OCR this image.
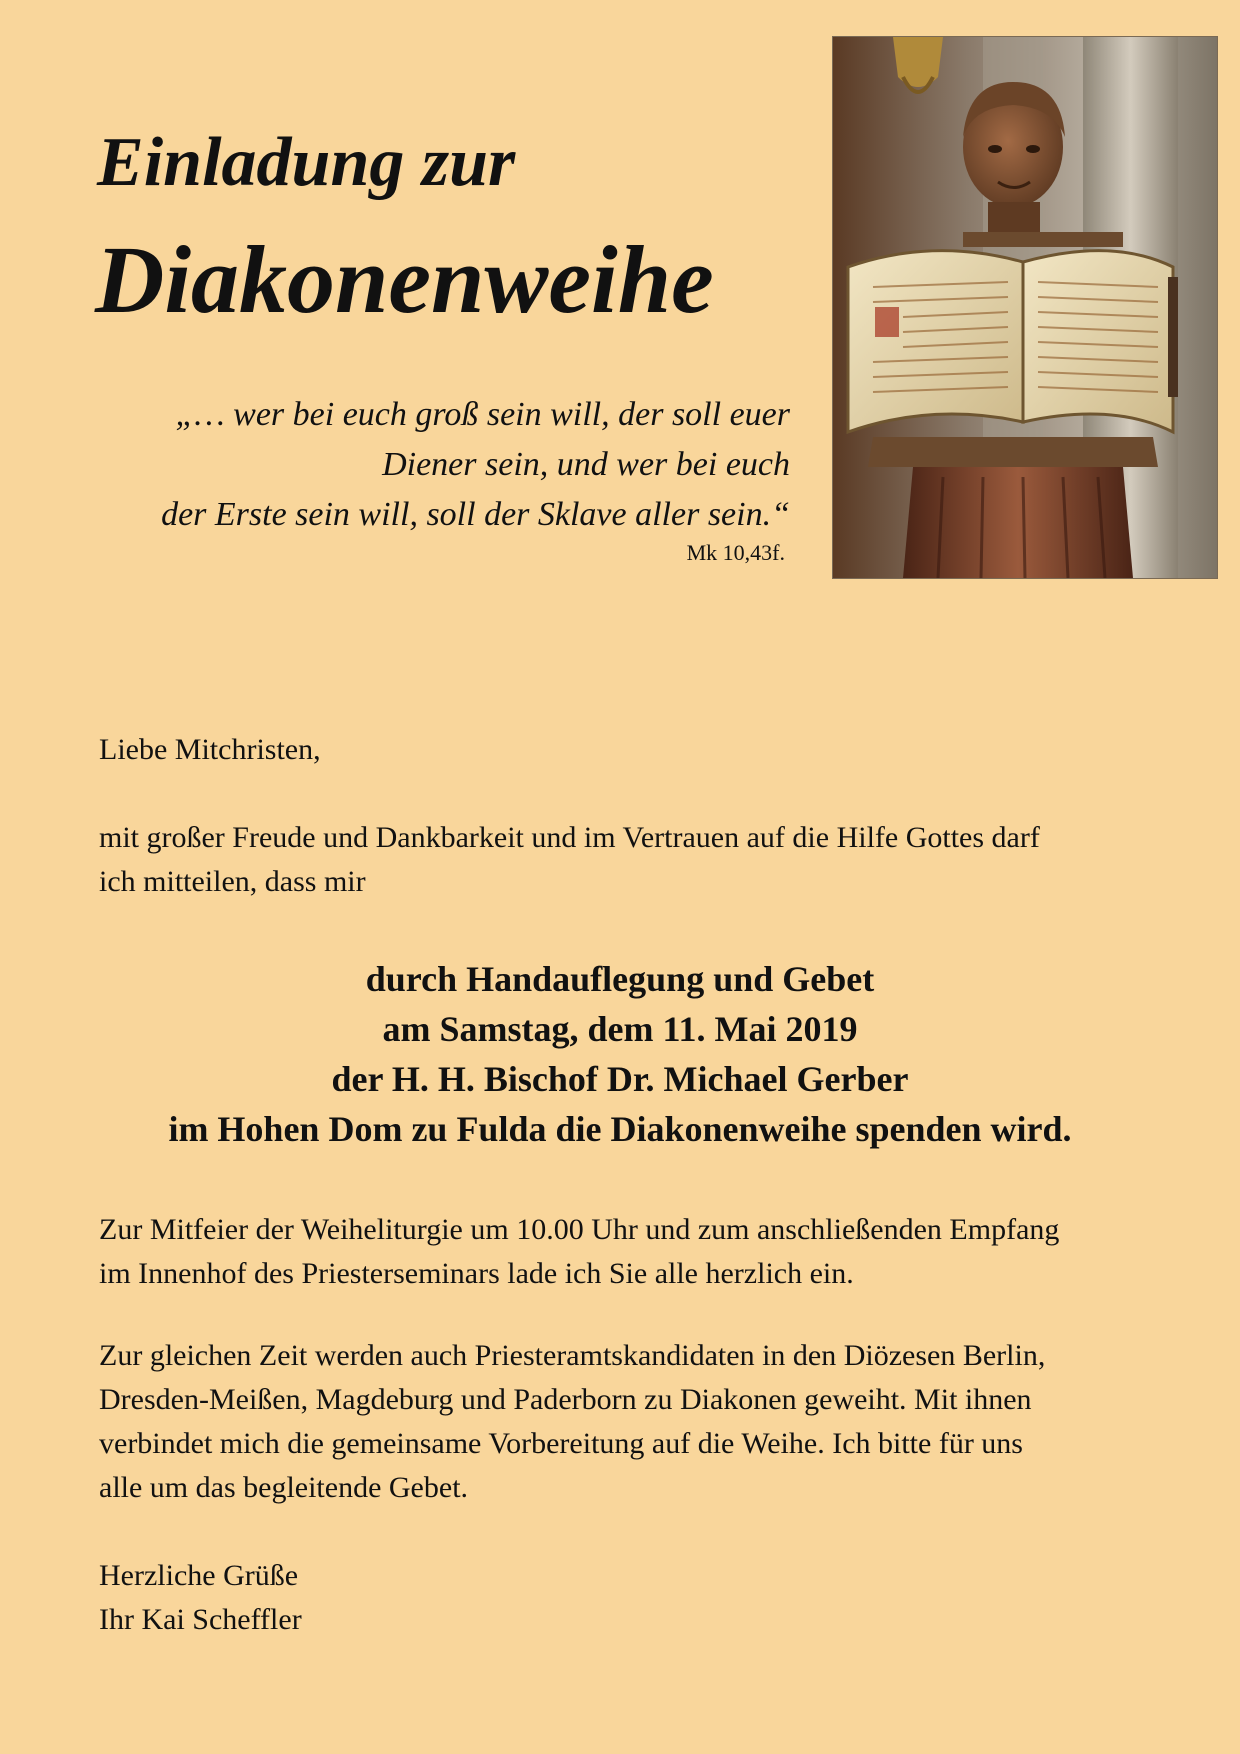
Einladung zur
Diakonenweihe
„… wer bei euch groß sein will, der soll euer
Diener sein, und wer bei euch
der Erste sein will, soll der Sklave aller sein.“
Mk 10,43f.

Liebe Mitchristen,

mit großer Freude und Dankbarkeit und im Vertrauen auf die Hilfe Gottes darf
ich mitteilen, dass mir

durch Handauflegung und Gebet
am Samstag, dem 11. Mai 2019
der H. H. Bischof Dr. Michael Gerber
im Hohen Dom zu Fulda die Diakonenweihe spenden wird.

Zur Mitfeier der Weiheliturgie um 10.00 Uhr und zum anschließenden Empfang
im Innenhof des Priesterseminars lade ich Sie alle herzlich ein.

Zur gleichen Zeit werden auch Priesteramtskandidaten in den Diözesen Berlin,
Dresden-Meißen, Magdeburg und Paderborn zu Diakonen geweiht. Mit ihnen
verbindet mich die gemeinsame Vorbereitung auf die Weihe. Ich bitte für uns
alle um das begleitende Gebet.

Herzliche Grüße
Ihr Kai Scheffler
